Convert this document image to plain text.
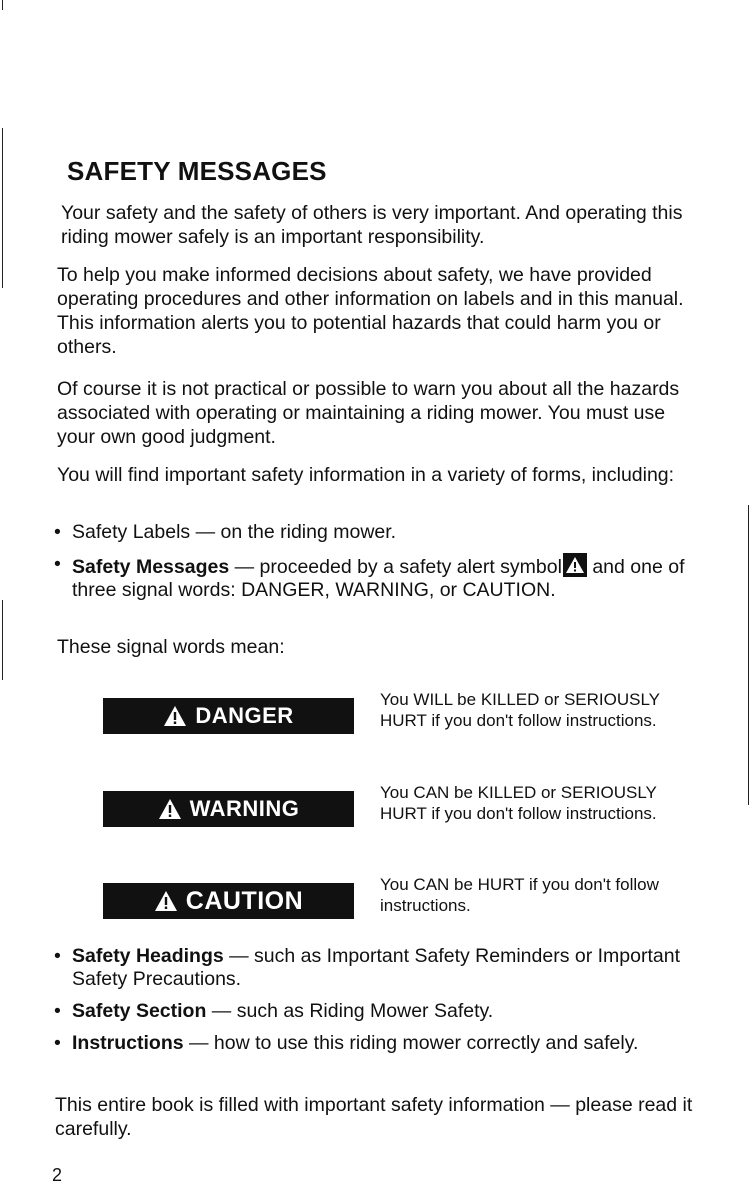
SAFETY MESSAGES

Your safety and the safety of others is very important. And operating this riding mower safely is an important responsibility.

To help you make informed decisions about safety, we have provided operating procedures and other information on labels and in this manual. This information alerts you to potential hazards that could harm you or others.

Of course it is not practical or possible to warn you about all the hazards associated with operating or maintaining a riding mower. You must use your own good judgment.

You will find important safety information in a variety of forms, including:

• Safety Labels — on the riding mower.
• Safety Messages — proceeded by a safety alert symbol
and one of three signal words: DANGER, WARNING, or CAUTION.

These signal words mean:

DANGER

You WILL be KILLED or SERIOUSLY HURT if you don't follow instructions.

WARNING

You CAN be KILLED or SERIOUSLY HURT if you don't follow instructions.

CAUTION

You CAN be HURT if you don't follow instructions.

• Safety Headings — such as Important Safety Reminders or Important Safety Precautions.
• Safety Section — such as Riding Mower Safety.
• Instructions — how to use this riding mower correctly and safely.

This entire book is filled with important safety information — please read it carefully.

2
